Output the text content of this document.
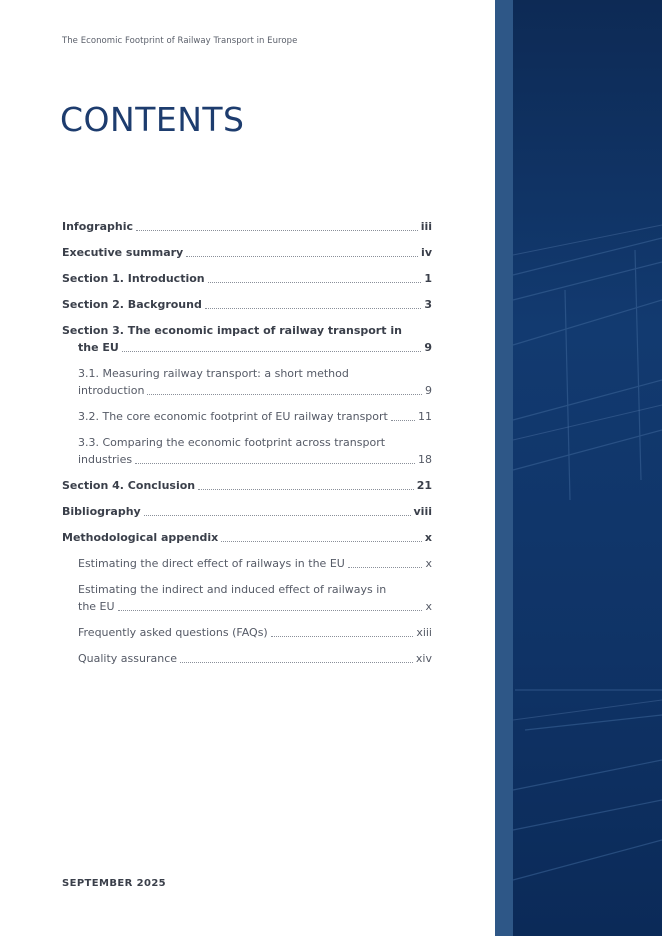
The Economic Footprint of Railway Transport in Europe
CONTENTS
Infographic	iii
Executive summary	iv
Section 1. Introduction	1
Section 2. Background	3
Section 3. The economic impact of railway transport in
the EU	9
3.1. Measuring railway transport: a short method
introduction	9
3.2. The core economic footprint of EU railway transport	11
3.3. Comparing the economic footprint across transport
industries	18
Section 4. Conclusion	21
Bibliography	viii
Methodological appendix	x
Estimating the direct effect of railways in the EU	x
Estimating the indirect and induced effect of railways in
the EU	x
Frequently asked questions (FAQs)	xiii
Quality assurance	xiv
SEPTEMBER 2025
